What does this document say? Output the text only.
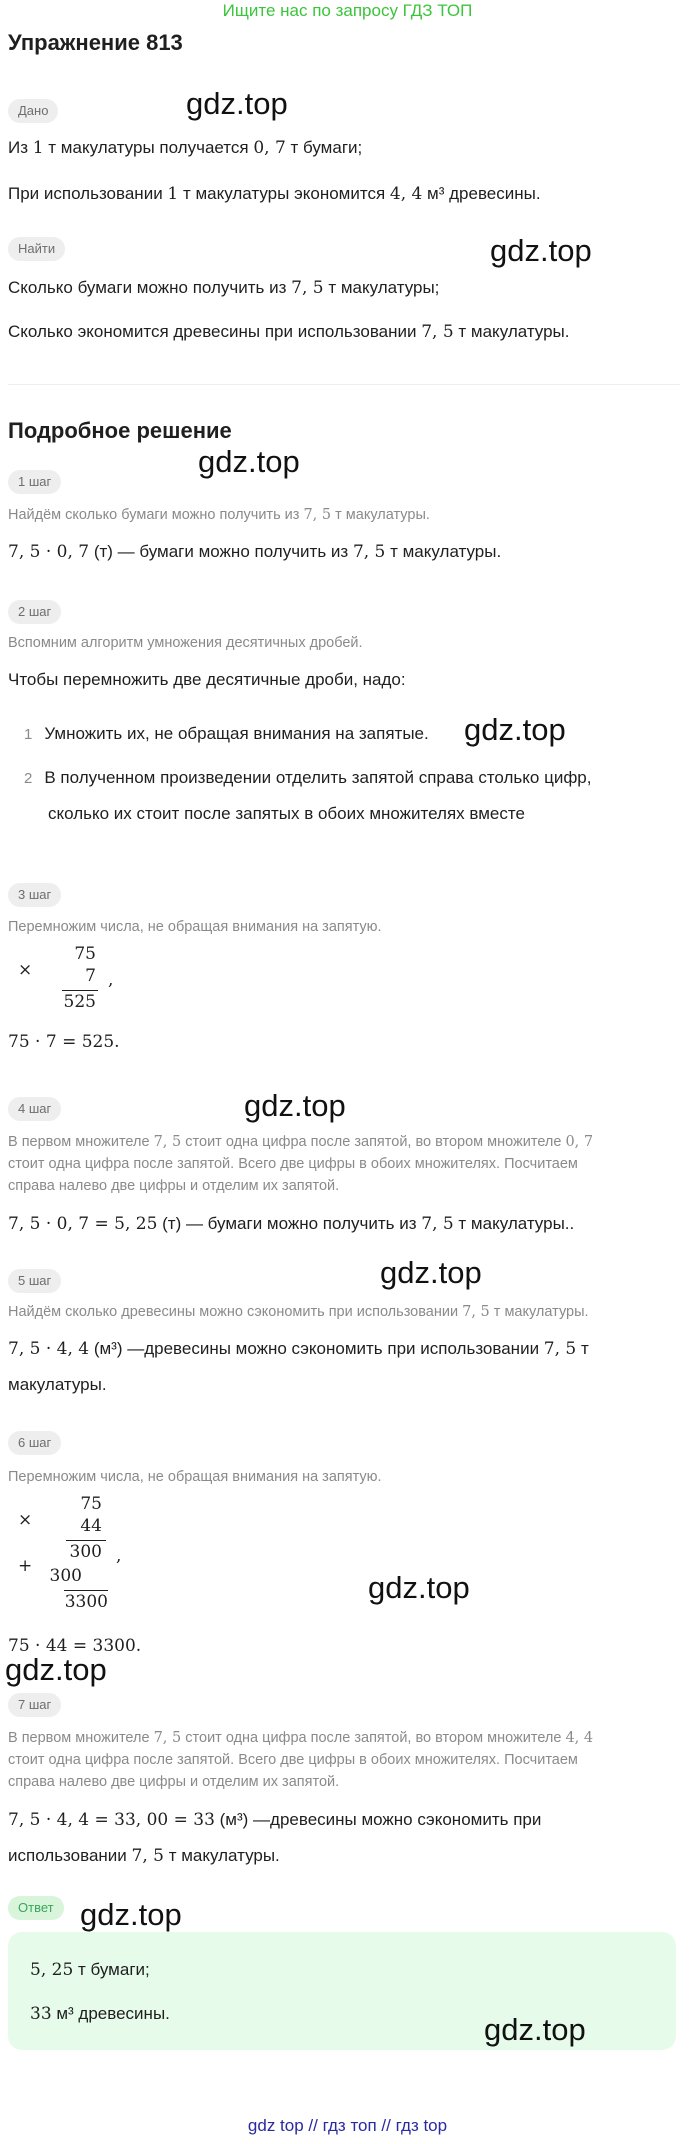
Ищите нас по запросу ГДЗ ТОП
Упражнение 813
Дано	gdz.top
Из 1 т макулатуры получается 0, 7 т бумаги;
При использовании 1 т макулатуры экономится 4, 4 м³ древесины.
Найти	gdz.top
Сколько бумаги можно получить из 7, 5 т макулатуры;
Сколько экономится древесины при использовании 7, 5 т макулатуры.
Подробное решение
gdz.top
1 шаг
Найдём сколько бумаги можно получить из 7, 5 т макулатуры.
7, 5 · 0, 7 (т) — бумаги можно получить из 7, 5 т макулатуры.
2 шаг
Вспомним алгоритм умножения десятичных дробей.
Чтобы перемножить две десятичные дроби, надо:
1 Умножить их, не обращая внимания на запятые. gdz.top
2 В полученном произведении отделить запятой справа столько цифр,
сколько их стоит после запятых в обоих множителях вместе
3 шаг
Перемножим числа, не обращая внимания на запятую.
×
75
7 ,
525
75 · 7 = 525.
4 шаг	gdz.top
В первом множителе 7, 5 стоит одна цифра после запятой, во втором множителе 0, 7
стоит одна цифра после запятой. Всего две цифры в обоих множителях. Посчитаем
справа налево две цифры и отделим их запятой.
7, 5 · 0, 7 = 5, 25 (т) — бумаги можно получить из 7, 5 т макулатуры..
5 шаг	gdz.top
Найдём сколько древесины можно сэкономить при использовании 7, 5 т макулатуры.
7, 5 · 4, 4 (м³) —древесины можно сэкономить при использовании 7, 5 т
макулатуры.
6 шаг
Перемножим числа, не обращая внимания на запятую.
×
75
44
300 ,
+	300
3300	gdz.top
75 · 44 = 3300.
gdz.top
7 шаг
В первом множителе 7, 5 стоит одна цифра после запятой, во втором множителе 4, 4
стоит одна цифра после запятой. Всего две цифры в обоих множителях. Посчитаем
справа налево две цифры и отделим их запятой.
7, 5 · 4, 4 = 33, 00 = 33 (м³) —древесины можно сэкономить при
использовании 7, 5 т макулатуры.
Ответ gdz.top
5, 25 т бумаги;
33 м³ древесины.	gdz.top
gdz top // гдз топ // гдз top
